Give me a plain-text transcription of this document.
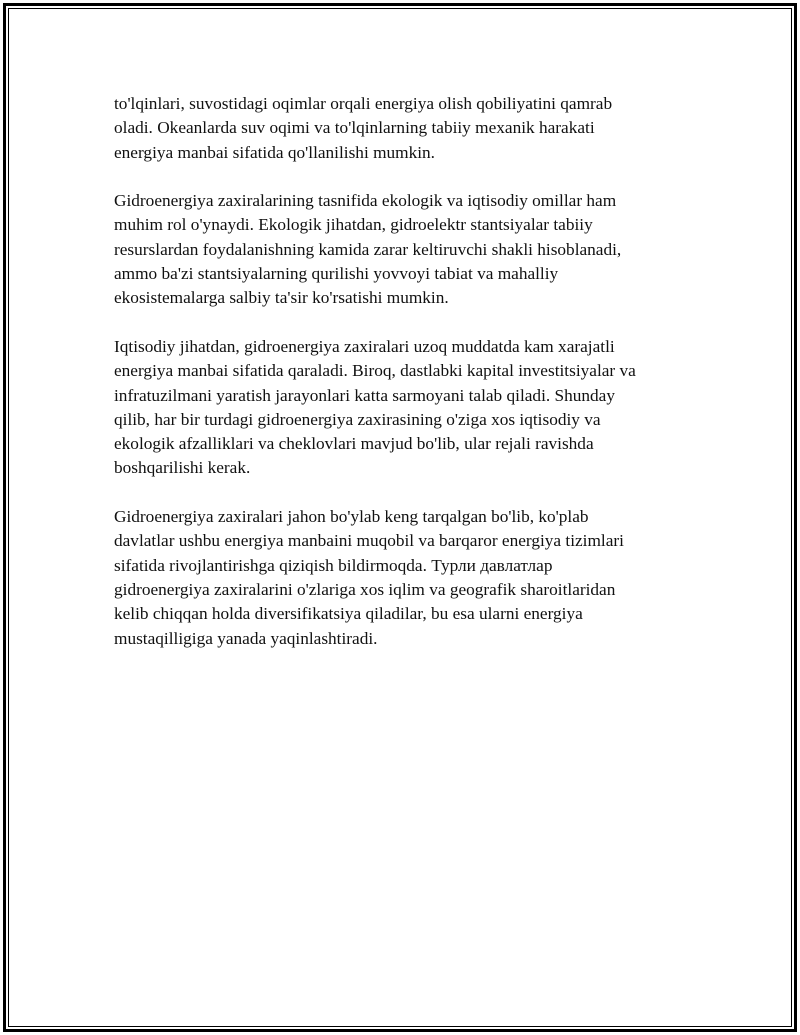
to'lqinlari, suvostidagi oqimlar orqali energiya olish qobiliyatini qamrab
oladi. Okeanlarda suv oqimi va to'lqinlarning tabiiy mexanik harakati
energiya manbai sifatida qo'llanilishi mumkin.

Gidroenergiya zaxiralarining tasnifida ekologik va iqtisodiy omillar ham
muhim rol o'ynaydi. Ekologik jihatdan, gidroelektr stantsiyalar tabiiy
resurslardan foydalanishning kamida zarar keltiruvchi shakli hisoblanadi,
ammo ba'zi stantsiyalarning qurilishi yovvoyi tabiat va mahalliy
ekosistemalarga salbiy ta'sir ko'rsatishi mumkin.

Iqtisodiy jihatdan, gidroenergiya zaxiralari uzoq muddatda kam xarajatli
energiya manbai sifatida qaraladi. Biroq, dastlabki kapital investitsiyalar va
infratuzilmani yaratish jarayonlari katta sarmoyani talab qiladi. Shunday
qilib, har bir turdagi gidroenergiya zaxirasining o'ziga xos iqtisodiy va
ekologik afzalliklari va cheklovlari mavjud bo'lib, ular rejali ravishda
boshqarilishi kerak.

Gidroenergiya zaxiralari jahon bo'ylab keng tarqalgan bo'lib, ko'plab
davlatlar ushbu energiya manbaini muqobil va barqaror energiya tizimlari
sifatida rivojlantirishga qiziqish bildirmoqda. Турли давлатлар
gidroenergiya zaxiralarini o'zlariga xos iqlim va geografik sharoitlaridan
kelib chiqqan holda diversifikatsiya qiladilar, bu esa ularni energiya
mustaqilligiga yanada yaqinlashtiradi.
